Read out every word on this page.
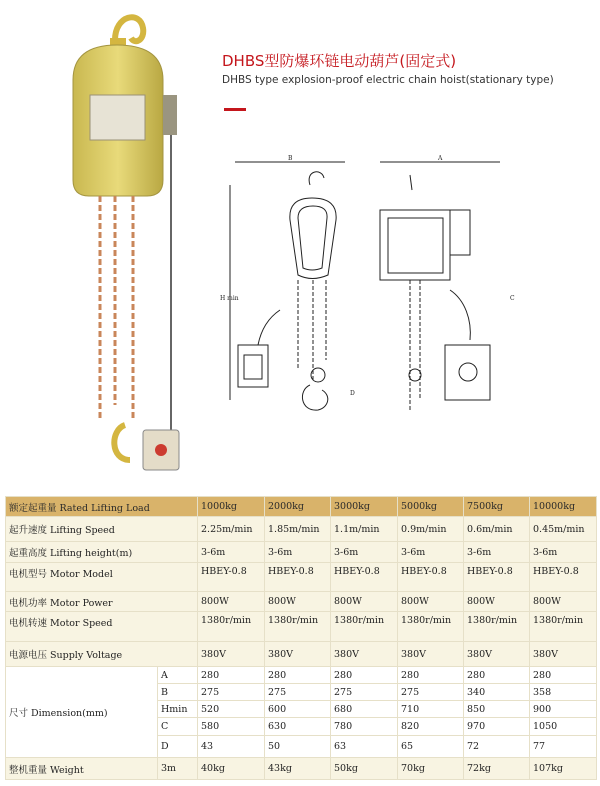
DHBS型防爆环链电动葫芦(固定式)
DHBS type explosion-proof electric chain hoist(stationary type)
B
H min
D
A
C
额定起重量 Rated Lifting Load		1000kg	2000kg	3000kg	5000kg	7500kg	10000kg
起升速度 Lifting Speed		2.25m/min	1.85m/min	1.1m/min	0.9m/min	0.6m/min	0.45m/min
起重高度 Lifting height(m)		3-6m	3-6m	3-6m	3-6m	3-6m	3-6m
电机型号 Motor Model		HBEY-0.8	HBEY-0.8	HBEY-0.8	HBEY-0.8	HBEY-0.8	HBEY-0.8
电机功率 Motor Power		800W	800W	800W	800W	800W	800W
电机转速 Motor Speed		1380r/min	1380r/min	1380r/min	1380r/min	1380r/min	1380r/min
电源电压 Supply Voltage		380V	380V	380V	380V	380V	380V
尺寸 Dimension(mm)	A	280	280	280	280	280	280
	B	275	275	275	275	340	358
	Hmin	520	600	680	710	850	900
	C	580	630	780	820	970	1050
	D	43	50	63	65	72	77
整机重量 Weight	3m	40kg	43kg	50kg	70kg	72kg	107kg
